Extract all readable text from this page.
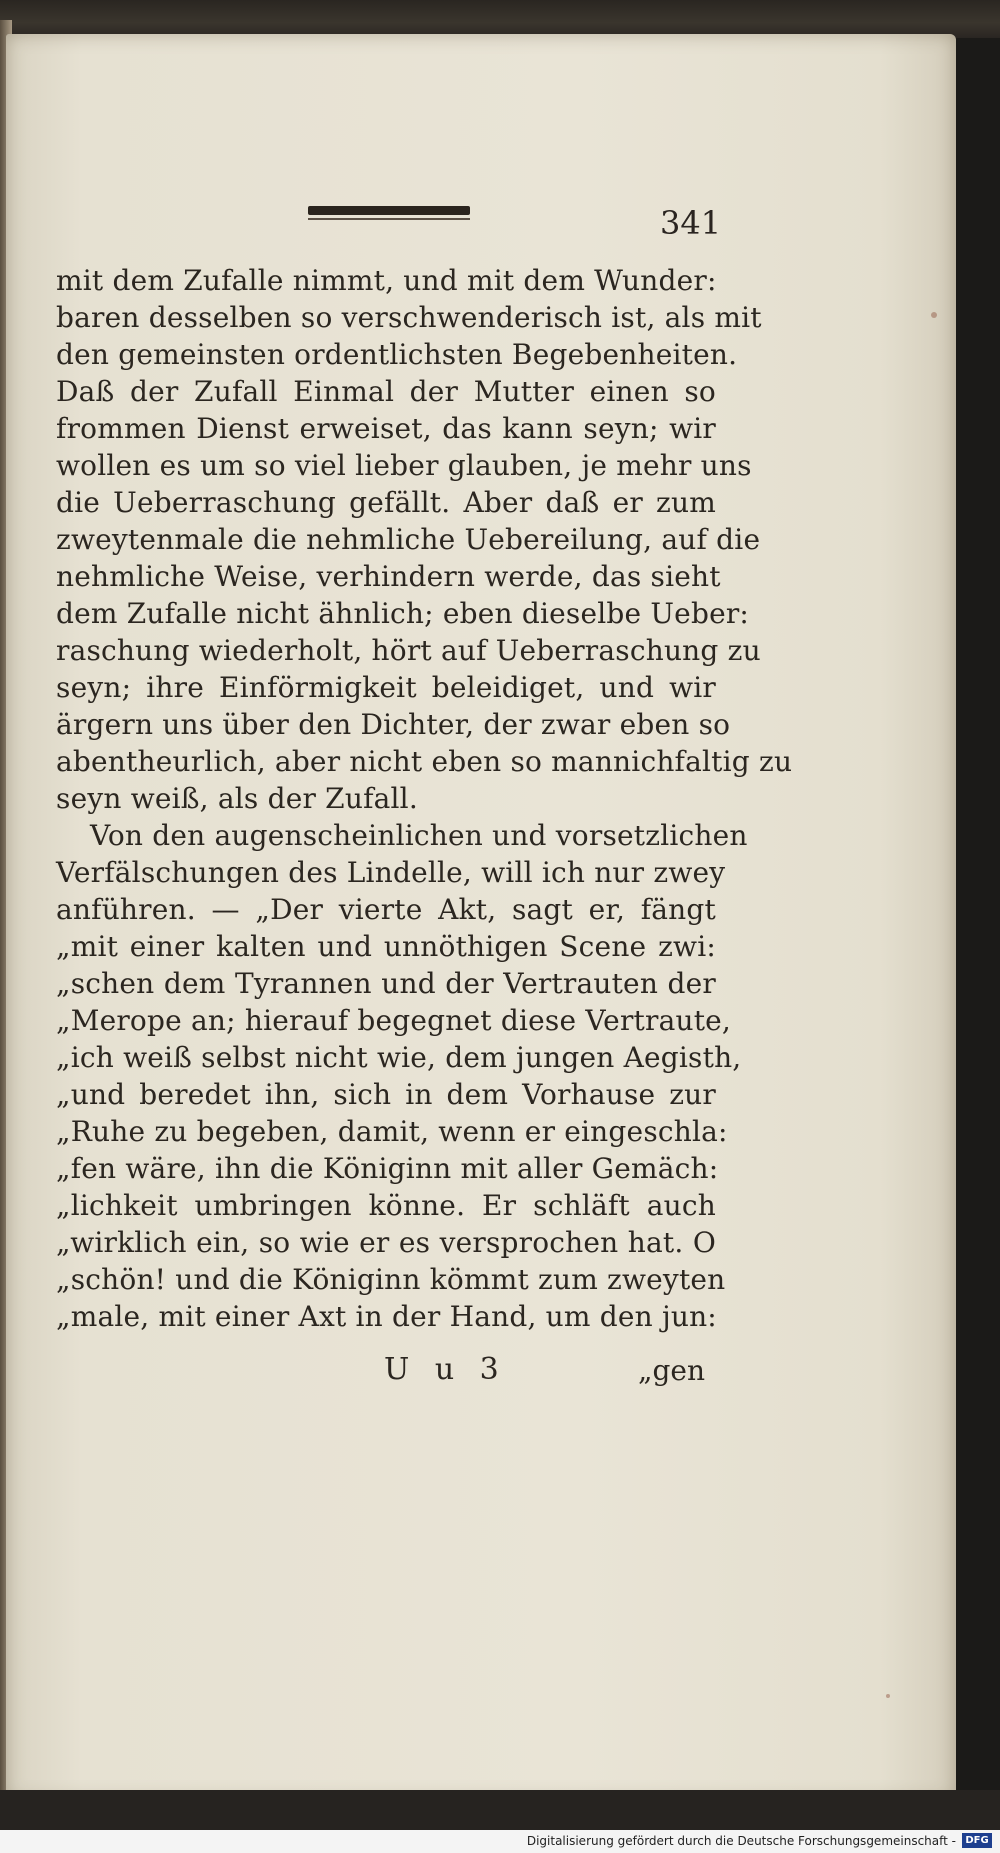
341
mit dem Zufalle nimmt, und mit dem Wunder:
baren desselben so verschwenderisch ist, als mit
den gemeinsten ordentlichsten Begebenheiten.
Daß der Zufall Einmal der Mutter einen so
frommen Dienst erweiset, das kann seyn; wir
wollen es um so viel lieber glauben, je mehr uns
die Ueberraschung gefällt. Aber daß er zum
zweytenmale die nehmliche Uebereilung, auf die
nehmliche Weise, verhindern werde, das sieht
dem Zufalle nicht ähnlich; eben dieselbe Ueber:
raschung wiederholt, hört auf Ueberraschung zu
seyn; ihre Einförmigkeit beleidiget, und wir
ärgern uns über den Dichter, der zwar eben so
abentheurlich, aber nicht eben so mannichfaltig zu
seyn weiß, als der Zufall.
Von den augenscheinlichen und vorsetzlichen
Verfälschungen des Lindelle, will ich nur zwey
anführen. — „Der vierte Akt, sagt er, fängt
„mit einer kalten und unnöthigen Scene zwi:
„schen dem Tyrannen und der Vertrauten der
„Merope an; hierauf begegnet diese Vertraute,
„ich weiß selbst nicht wie, dem jungen Aegisth,
„und beredet ihn, sich in dem Vorhause zur
„Ruhe zu begeben, damit, wenn er eingeschla:
„fen wäre, ihn die Königinn mit aller Gemäch:
„lichkeit umbringen könne. Er schläft auch
„wirklich ein, so wie er es versprochen hat. O
„schön! und die Königinn kömmt zum zweyten
„male, mit einer Axt in der Hand, um den jun:
U u 3	„gen
Digitalisierung gefördert durch die Deutsche Forschungsgemeinschaft - DFG
